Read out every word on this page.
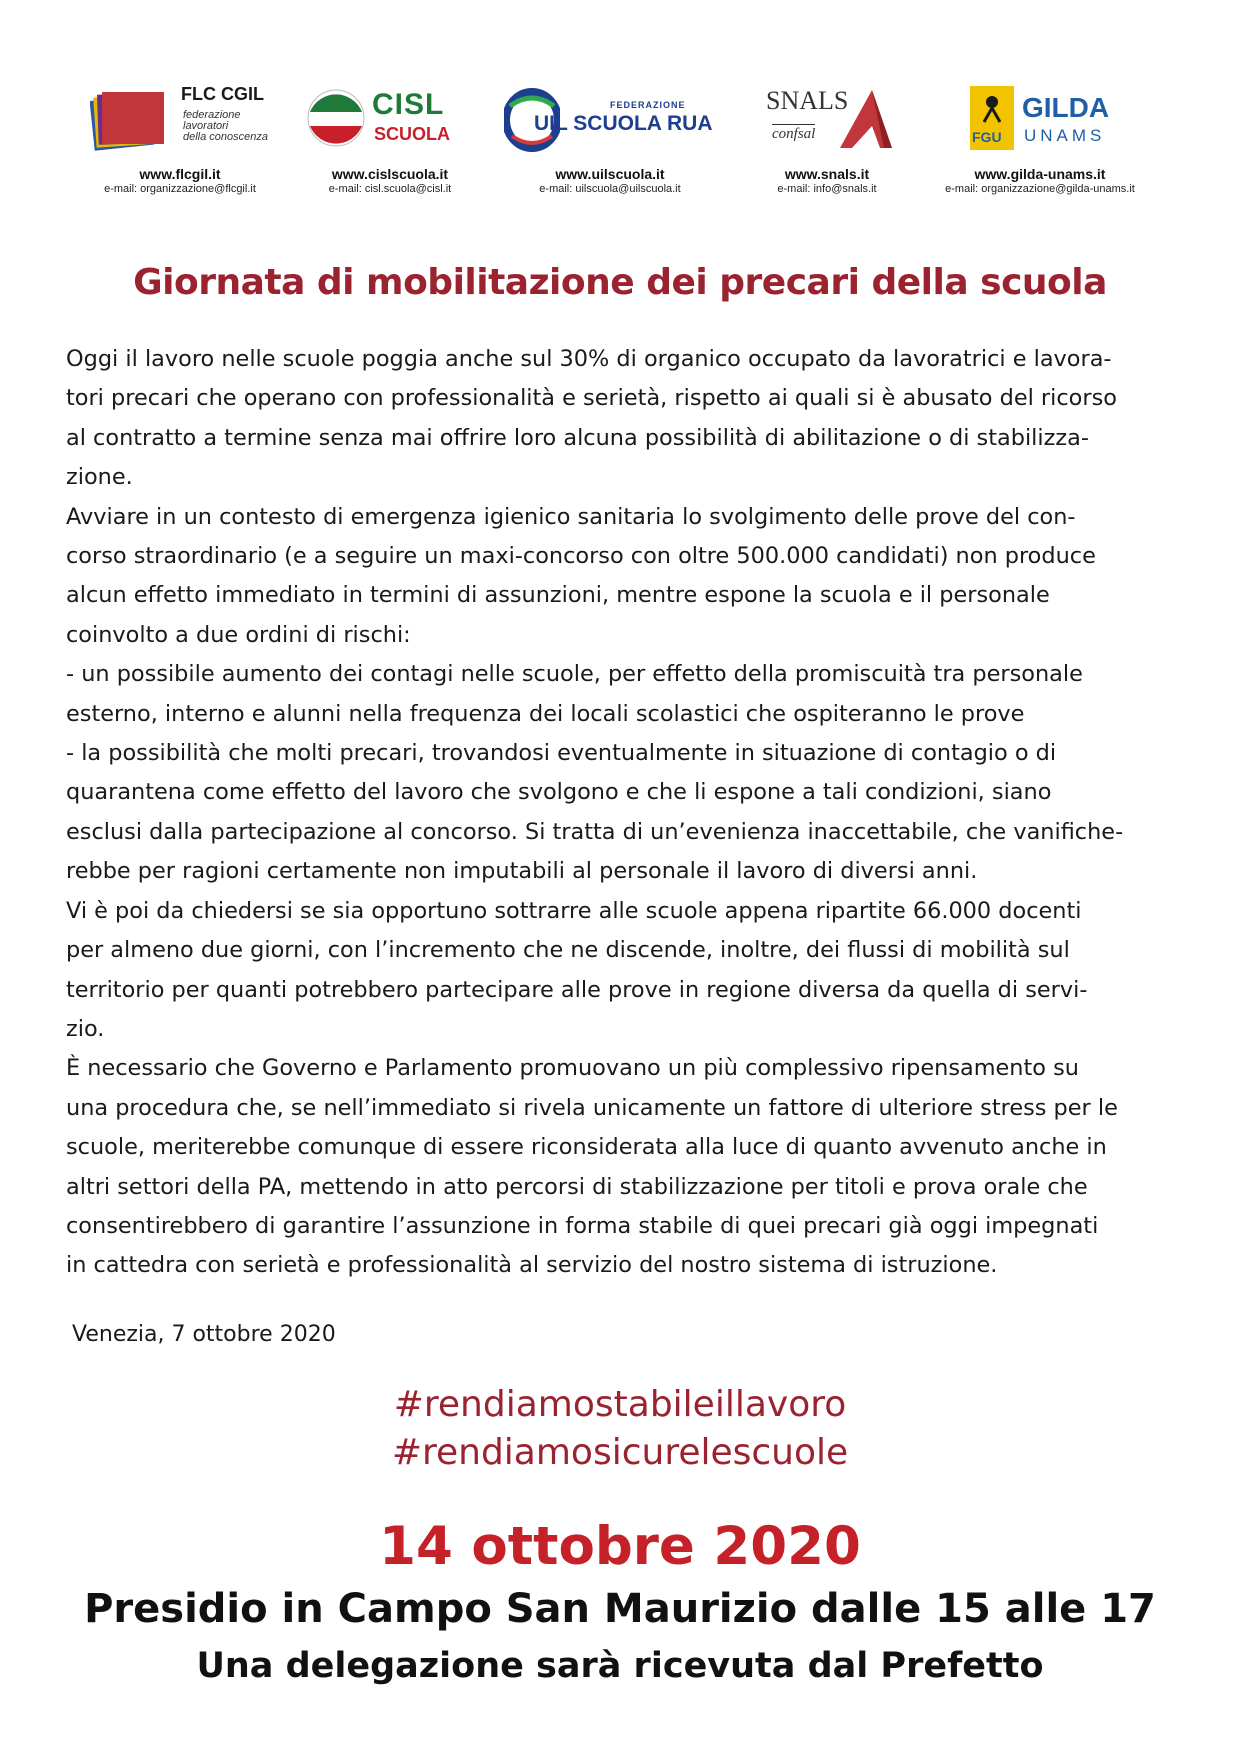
FLC CGIL
federazione
lavoratori
della conoscenza
www.flcgil.it
e-mail: organizzazione@flcgil.it
CISL
SCUOLA
www.cislscuola.it
e-mail: cisl.scuola@cisl.it
FEDERAZIONE
UIL SCUOLA RUA
www.uilscuola.it
e-mail: uilscuola@uilscuola.it
SNALS
confsal
www.snals.it
e-mail: info@snals.it
FGU
GILDA
UNAMS
www.gilda-unams.it
e-mail: organizzazione@gilda-unams.it
Giornata di mobilitazione dei precari della scuola

Oggi il lavoro nelle scuole poggia anche sul 30% di organico occupato da lavoratrici e lavora-

tori precari che operano con professionalità e serietà, rispetto ai quali si è abusato del ricorso

al contratto a termine senza mai offrire loro alcuna possibilità di abilitazione o di stabilizza-

zione.

Avviare in un contesto di emergenza igienico sanitaria lo svolgimento delle prove del con-

corso straordinario (e a seguire un maxi-concorso con oltre 500.000 candidati) non produce

alcun effetto immediato in termini di assunzioni, mentre espone la scuola e il personale

coinvolto a due ordini di rischi:

- un possibile aumento dei contagi nelle scuole, per effetto della promiscuità tra personale

esterno, interno e alunni nella frequenza dei locali scolastici che ospiteranno le prove

- la possibilità che molti precari, trovandosi eventualmente in situazione di contagio o di

quarantena come effetto del lavoro che svolgono e che li espone a tali condizioni, siano

esclusi dalla partecipazione al concorso. Si tratta di un’evenienza inaccettabile, che vanifiche-

rebbe per ragioni certamente non imputabili al personale il lavoro di diversi anni.

Vi è poi da chiedersi se sia opportuno sottrarre alle scuole appena ripartite 66.000 docenti

per almeno due giorni, con l’incremento che ne discende, inoltre, dei flussi di mobilità sul

territorio per quanti potrebbero partecipare alle prove in regione diversa da quella di servi-

zio.

È necessario che Governo e Parlamento promuovano un più complessivo ripensamento su

una procedura che, se nell’immediato si rivela unicamente un fattore di ulteriore stress per le

scuole, meriterebbe comunque di essere riconsiderata alla luce di quanto avvenuto anche in

altri settori della PA, mettendo in atto percorsi di stabilizzazione per titoli e prova orale che

consentirebbero di garantire l’assunzione in forma stabile di quei precari già oggi impegnati

in cattedra con serietà e professionalità al servizio del nostro sistema di istruzione.

Venezia, 7 ottobre 2020
#rendiamostabileillavoro
#rendiamosicurelescuole
14 ottobre 2020
Presidio in Campo San Maurizio dalle 15 alle 17
Una delegazione sarà ricevuta dal Prefetto
